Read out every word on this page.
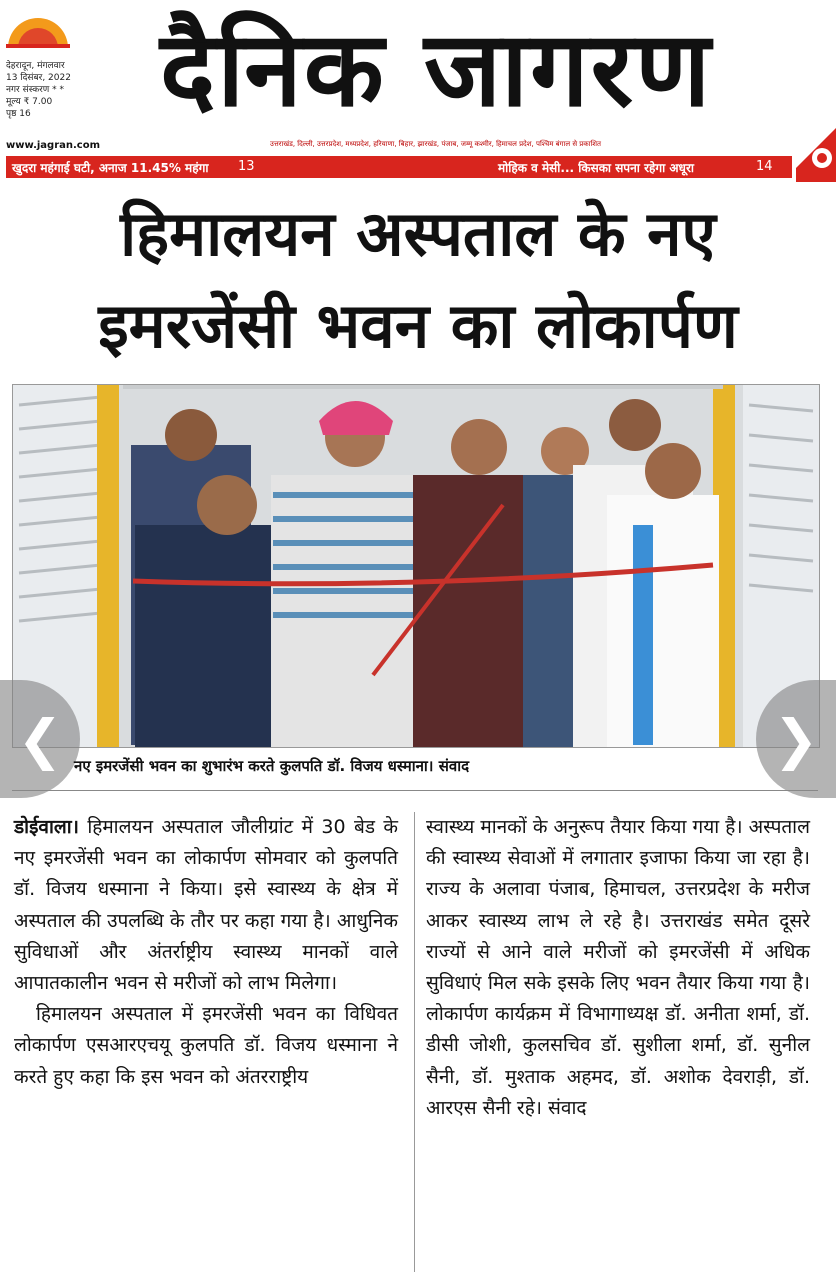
देहरादून, मंगलवार
13 दिसंबर, 2022
नगर संस्करण * *
मूल्य ₹ 7.00
पृष्ठ 16	दैनिक जागरण
www.jagran.com	उत्तराखंड, दिल्ली, उत्तरप्रदेश, मध्यप्रदेश, हरियाणा, बिहार, झारखंड, पंजाब, जम्मू कश्मीर, हिमाचल प्रदेश, पश्चिम बंगाल से प्रकाशित
खुदरा महंगाई घटी, अनाज 11.45% महंगा 13	मोहिक व मेसी... किसका सपना रहेगा अधूरा	14
हिमालयन अस्पताल के नए
इमरजेंसी भवन का लोकार्पण
❮	❯
नए इमरजेंसी भवन का शुभारंभ करते कुलपति डॉ. विजय धस्माना। संवाद

डोईवाला। हिमालयन अस्पताल जौलीग्रांट में 30 बेड के नए इमरजेंसी भवन का लोकार्पण सोमवार को कुलपति डॉ. विजय धस्माना ने किया। इसे स्वास्थ्य के क्षेत्र में अस्पताल की उपलब्धि के तौर पर कहा गया है। आधुनिक सुविधाओं और अंतर्राष्ट्रीय स्वास्थ्य मानकों वाले आपातकालीन भवन से मरीजों को लाभ मिलेगा।

हिमालयन अस्पताल में इमरजेंसी भवन का विधिवत लोकार्पण एसआरएचयू कुलपति डॉ. विजय धस्माना ने करते हुए कहा कि इस भवन को अंतरराष्ट्रीय

स्वास्थ्य मानकों के अनुरूप तैयार किया गया है। अस्पताल की स्वास्थ्य सेवाओं में लगातार इजाफा किया जा रहा है। राज्य के अलावा पंजाब, हिमाचल, उत्तरप्रदेश के मरीज आकर स्वास्थ्य लाभ ले रहे है। उत्तराखंड समेत दूसरे राज्यों से आने वाले मरीजों को इमरजेंसी में अधिक सुविधाएं मिल सके इसके लिए भवन तैयार किया गया है। लोकार्पण कार्यक्रम में विभागाध्यक्ष डॉ. अनीता शर्मा, डॉ. डीसी जोशी, कुलसचिव डॉ. सुशीला शर्मा, डॉ. सुनील सैनी, डॉ. मुश्ताक अहमद, डॉ. अशोक देवराड़ी, डॉ. आरएस सैनी रहे। संवाद
